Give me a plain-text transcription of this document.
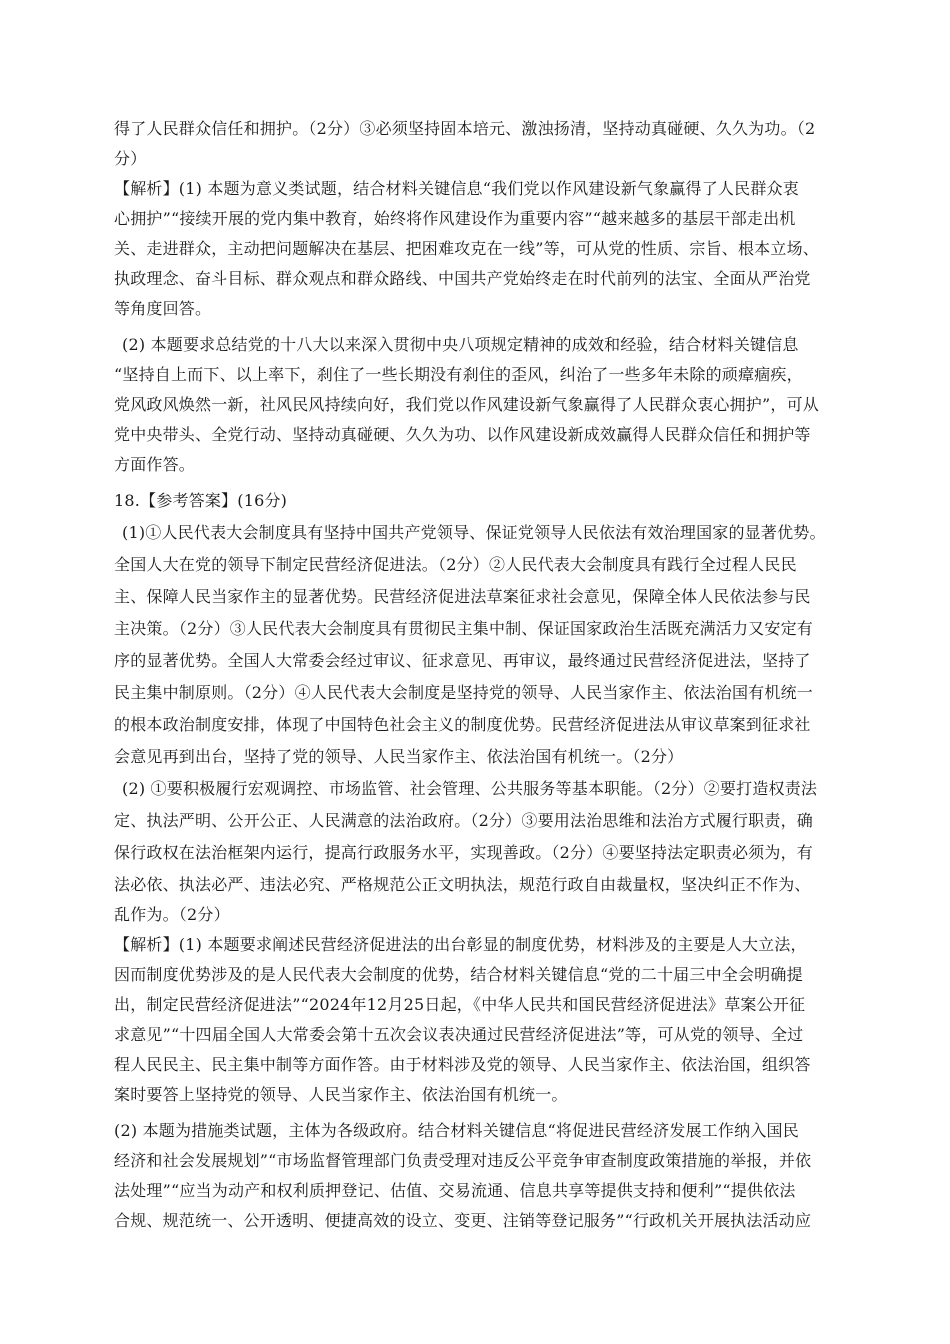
得了人民群众信任和拥护。（2分）③必须坚持固本培元、激浊扬清，坚持动真碰硬、久久为功。（2
分）
【解析】(1) 本题为意义类试题，结合材料关键信息“我们党以作风建设新气象赢得了人民群众衷
心拥护”“接续开展的党内集中教育，始终将作风建设作为重要内容”“越来越多的基层干部走出机
关、走进群众，主动把问题解决在基层、把困难攻克在一线”等，可从党的性质、宗旨、根本立场、
执政理念、奋斗目标、群众观点和群众路线、中国共产党始终走在时代前列的法宝、全面从严治党
等角度回答。
(2) 本题要求总结党的十八大以来深入贯彻中央八项规定精神的成效和经验，结合材料关键信息
“坚持自上而下、以上率下，刹住了一些长期没有刹住的歪风，纠治了一些多年未除的顽瘴痼疾，
党风政风焕然一新，社风民风持续向好，我们党以作风建设新气象赢得了人民群众衷心拥护”，可从
党中央带头、全党行动、坚持动真碰硬、久久为功、以作风建设新成效赢得人民群众信任和拥护等
方面作答。
18.【参考答案】(16分)
(1)①人民代表大会制度具有坚持中国共产党领导、保证党领导人民依法有效治理国家的显著优势。
全国人大在党的领导下制定民营经济促进法。（2分）②人民代表大会制度具有践行全过程人民民
主、保障人民当家作主的显著优势。民营经济促进法草案征求社会意见，保障全体人民依法参与民
主决策。（2分）③人民代表大会制度具有贯彻民主集中制、保证国家政治生活既充满活力又安定有
序的显著优势。全国人大常委会经过审议、征求意见、再审议，最终通过民营经济促进法，坚持了
民主集中制原则。（2分）④人民代表大会制度是坚持党的领导、人民当家作主、依法治国有机统一
的根本政治制度安排，体现了中国特色社会主义的制度优势。民营经济促进法从审议草案到征求社
会意见再到出台，坚持了党的领导、人民当家作主、依法治国有机统一。（2分）
(2) ①要积极履行宏观调控、市场监管、社会管理、公共服务等基本职能。（2分）②要打造权责法
定、执法严明、公开公正、人民满意的法治政府。（2分）③要用法治思维和法治方式履行职责，确
保行政权在法治框架内运行，提高行政服务水平，实现善政。（2分）④要坚持法定职责必须为，有
法必依、执法必严、违法必究、严格规范公正文明执法，规范行政自由裁量权，坚决纠正不作为、
乱作为。（2分）
【解析】(1) 本题要求阐述民营经济促进法的出台彰显的制度优势，材料涉及的主要是人大立法，
因而制度优势涉及的是人民代表大会制度的优势，结合材料关键信息“党的二十届三中全会明确提
出，制定民营经济促进法”“2024年12月25日起，《中华人民共和国民营经济促进法》草案公开征
求意见”“十四届全国人大常委会第十五次会议表决通过民营经济促进法”等，可从党的领导、全过
程人民民主、民主集中制等方面作答。由于材料涉及党的领导、人民当家作主、依法治国，组织答
案时要答上坚持党的领导、人民当家作主、依法治国有机统一。
(2) 本题为措施类试题，主体为各级政府。结合材料关键信息“将促进民营经济发展工作纳入国民
经济和社会发展规划”“市场监督管理部门负责受理对违反公平竞争审查制度政策措施的举报，并依
法处理”“应当为动产和权利质押登记、估值、交易流通、信息共享等提供支持和便利”“提供依法
合规、规范统一、公开透明、便捷高效的设立、变更、注销等登记服务”“行政机关开展执法活动应
